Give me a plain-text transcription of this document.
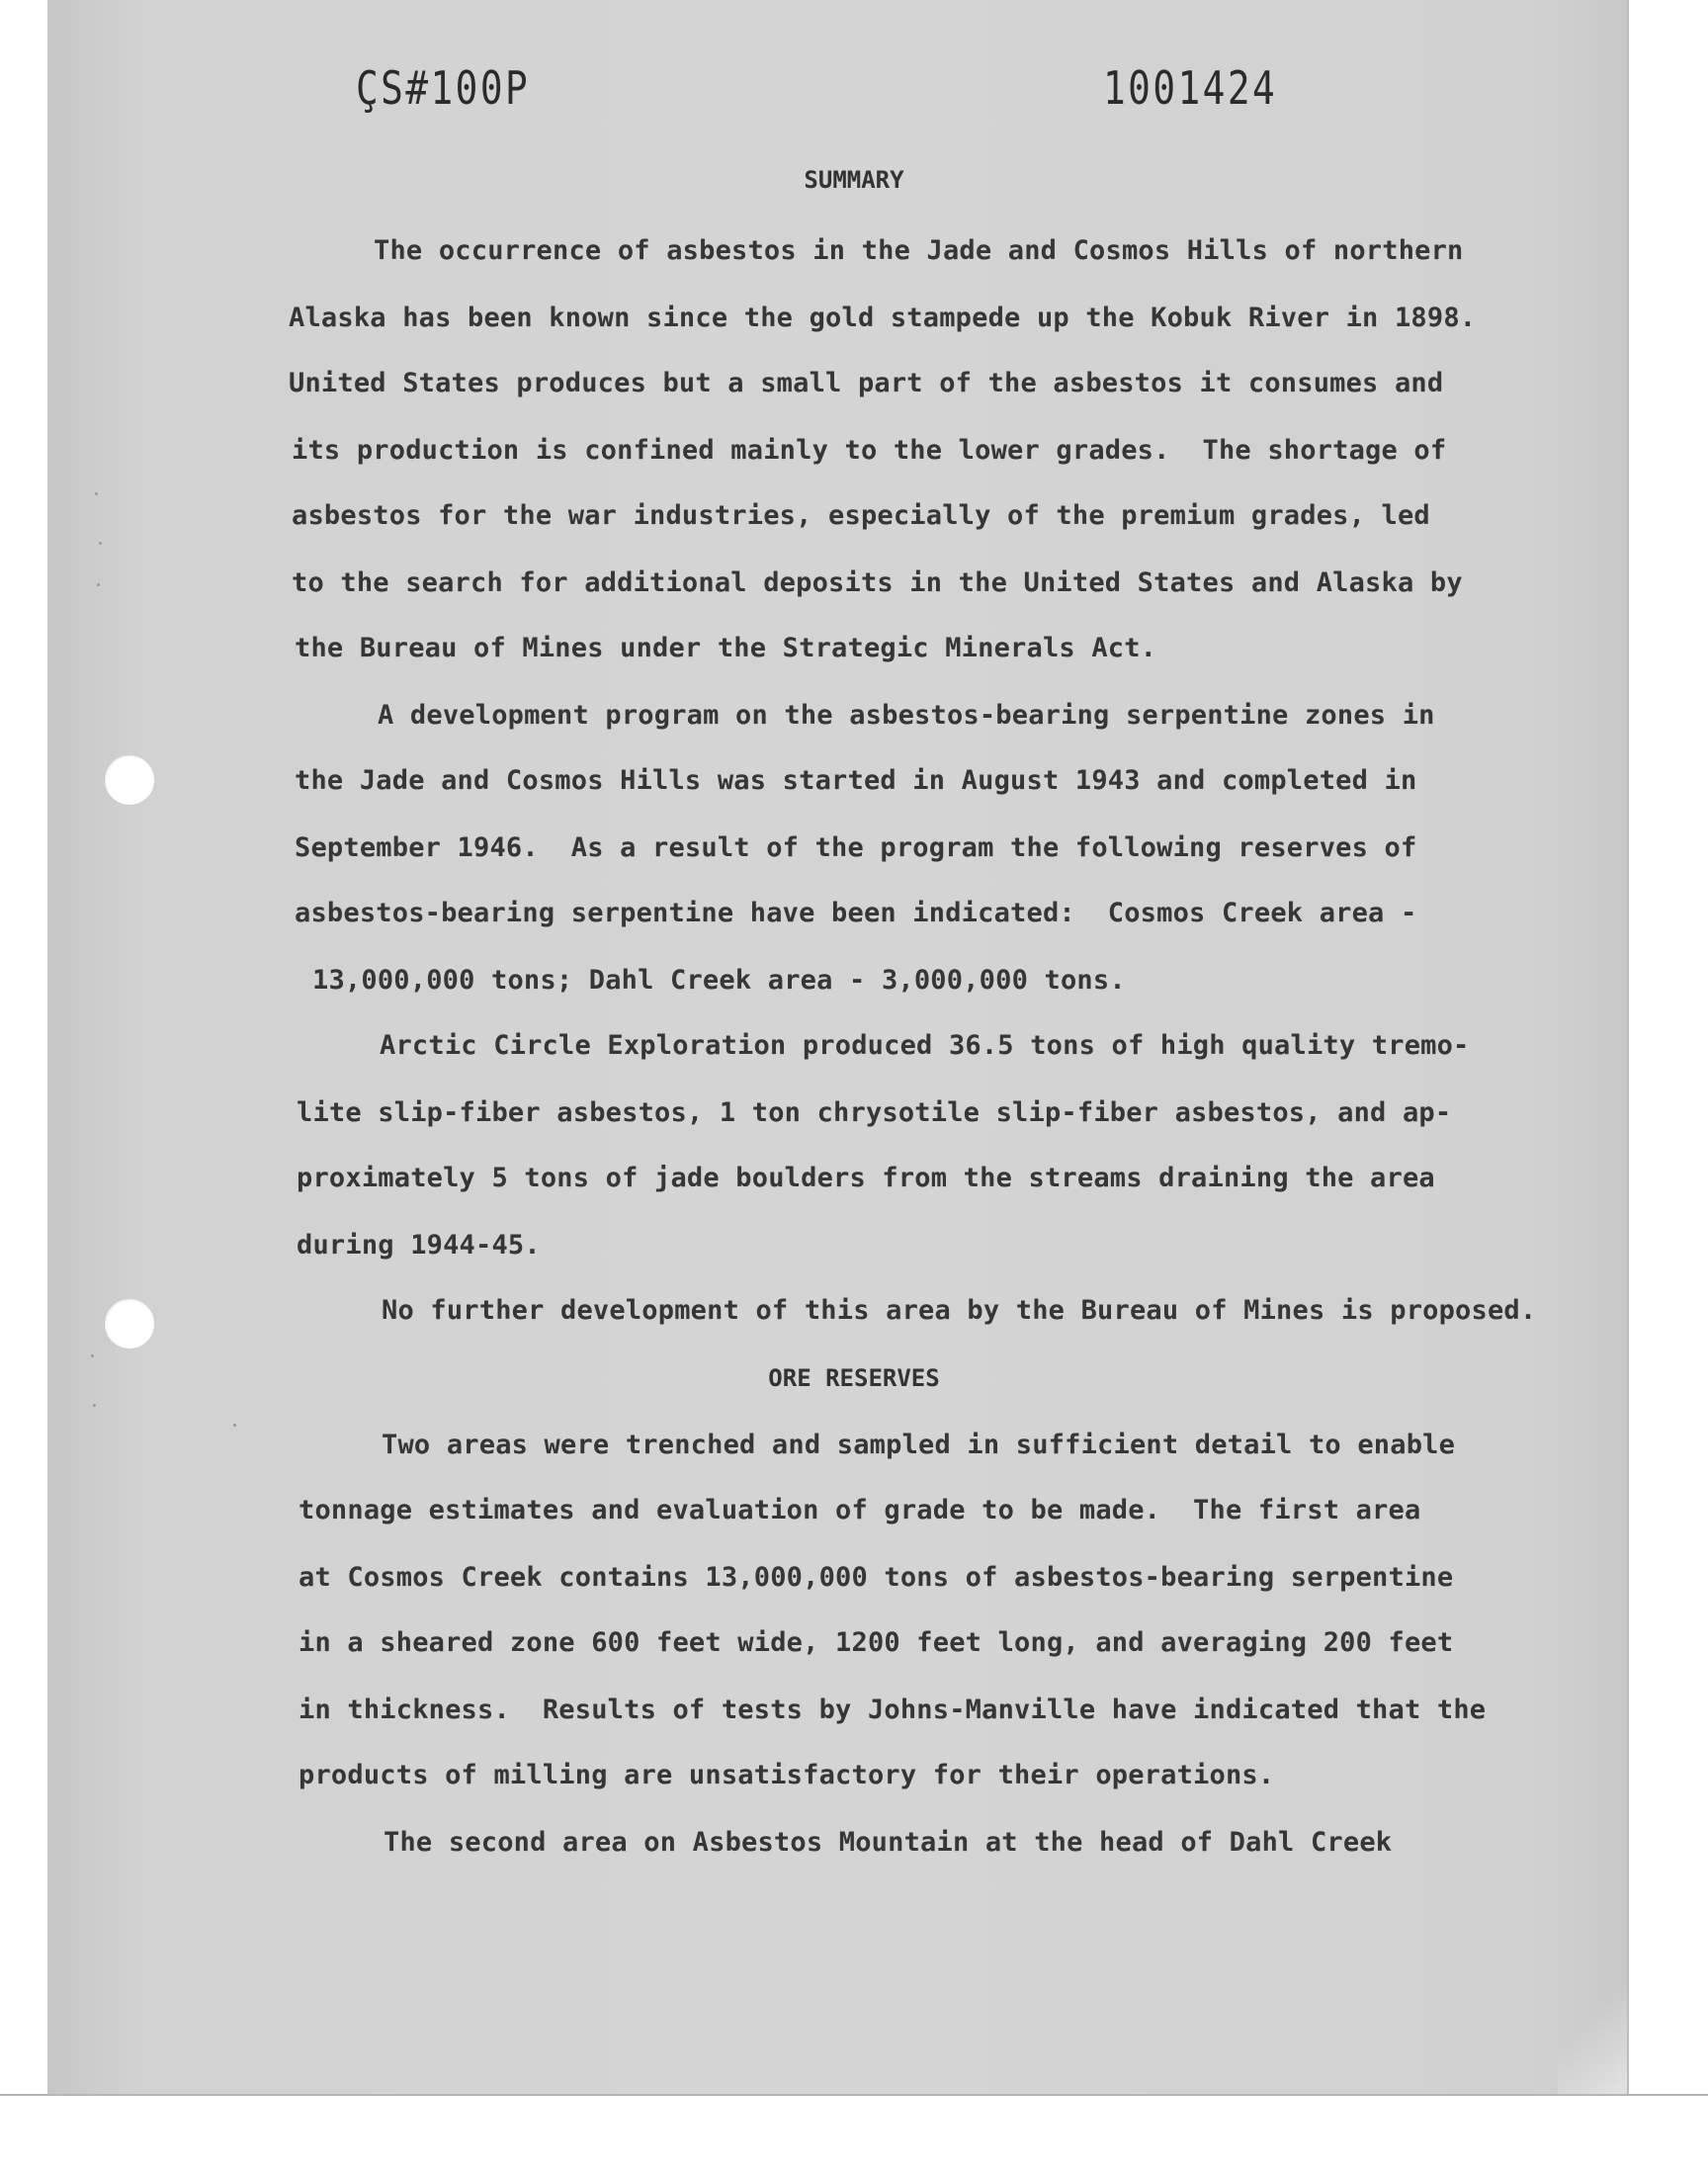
ÇS#100P	1001424
SUMMARY
The occurrence of asbestos in the Jade and Cosmos Hills of northern
Alaska has been known since the gold stampede up the Kobuk River in 1898.
United States produces but a small part of the asbestos it consumes and
its production is confined mainly to the lower grades.  The shortage of
asbestos for the war industries, especially of the premium grades, led
to the search for additional deposits in the United States and Alaska by
the Bureau of Mines under the Strategic Minerals Act.
A development program on the asbestos-bearing serpentine zones in
the Jade and Cosmos Hills was started in August 1943 and completed in
September 1946.  As a result of the program the following reserves of
asbestos-bearing serpentine have been indicated:  Cosmos Creek area -
13,000,000 tons; Dahl Creek area - 3,000,000 tons.
Arctic Circle Exploration produced 36.5 tons of high quality tremo-
lite slip-fiber asbestos, 1 ton chrysotile slip-fiber asbestos, and ap-
proximately 5 tons of jade boulders from the streams draining the area
during 1944-45.
No further development of this area by the Bureau of Mines is proposed.
ORE RESERVES
Two areas were trenched and sampled in sufficient detail to enable
tonnage estimates and evaluation of grade to be made.  The first area
at Cosmos Creek contains 13,000,000 tons of asbestos-bearing serpentine
in a sheared zone 600 feet wide, 1200 feet long, and averaging 200 feet
in thickness.  Results of tests by Johns-Manville have indicated that the
products of milling are unsatisfactory for their operations.
The second area on Asbestos Mountain at the head of Dahl Creek
